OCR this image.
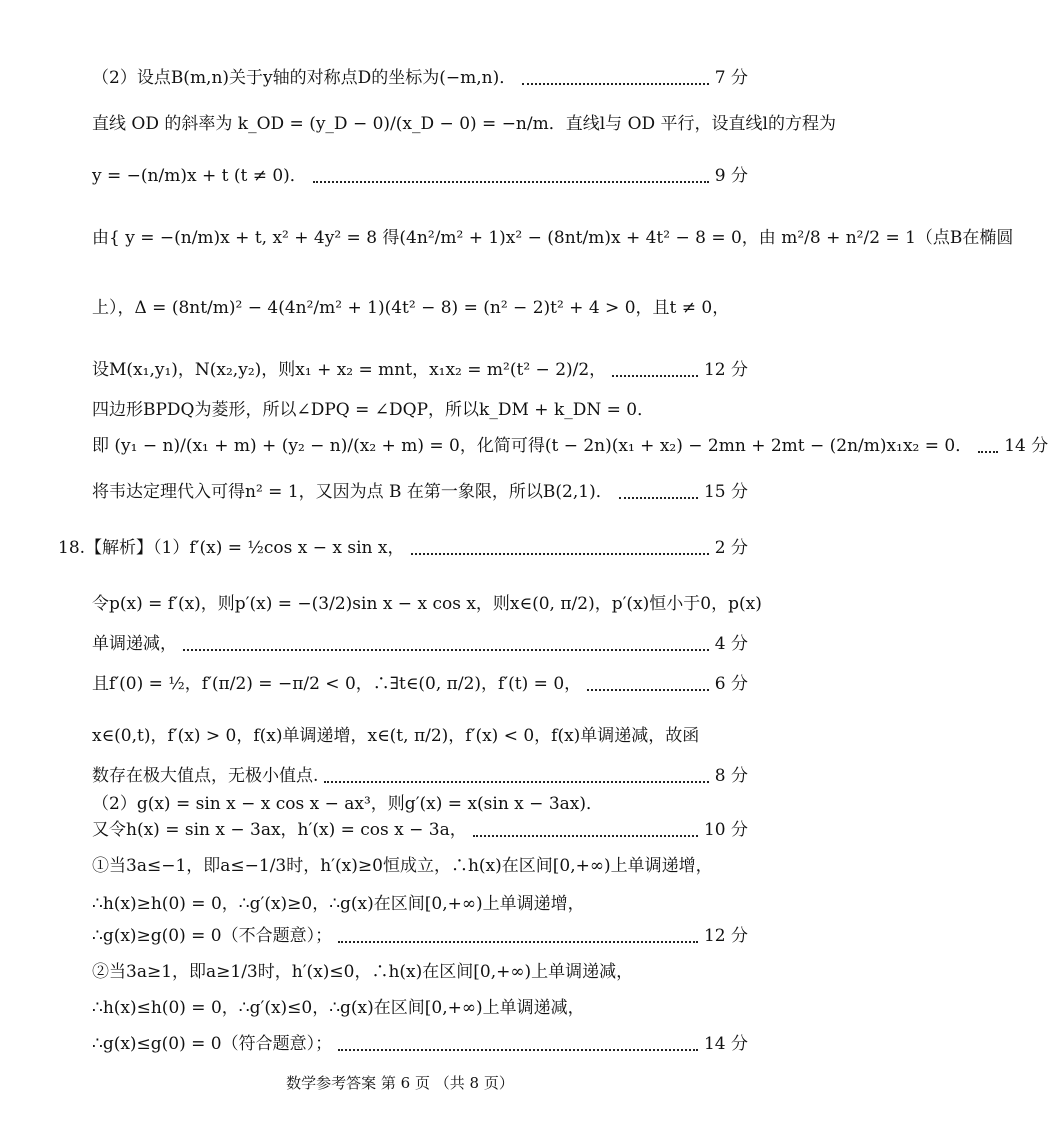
（2）设点B(m,n)关于y轴的对称点D的坐标为(−m,n)．	7 分
直线 OD 的斜率为 k_OD = (y_D − 0)/(x_D − 0) = −n/m．直线l与 OD 平行，设直线l的方程为
y = −(n/m)x + t (t ≠ 0)．	9 分
由{ y = −(n/m)x + t, x² + 4y² = 8 得(4n²/m² + 1)x² − (8nt/m)x + 4t² − 8 = 0，由 m²/8 + n²/2 = 1（点B在椭圆
上），Δ = (8nt/m)² − 4(4n²/m² + 1)(4t² − 8) = (n² − 2)t² + 4 > 0，且t ≠ 0，
设M(x₁,y₁)，N(x₂,y₂)，则x₁ + x₂ = mnt，x₁x₂ = m²(t² − 2)/2，	12 分
四边形BPDQ为菱形，所以∠DPQ = ∠DQP，所以k_DM + k_DN = 0．
即 (y₁ − n)/(x₁ + m) + (y₂ − n)/(x₂ + m) = 0，化简可得(t − 2n)(x₁ + x₂) − 2mn + 2mt − (2n/m)x₁x₂ = 0． 14 分
将韦达定理代入可得n² = 1，又因为点 B 在第一象限，所以B(2,1)．	15 分
18.【解析】（1）f′(x) = ½cos x − x sin x，	2 分
令p(x) = f′(x)，则p′(x) = −(3/2)sin x − x cos x，则x∈(0, π/2)，p′(x)恒小于0，p(x)
单调递减，	4 分
且f′(0) = ½，f′(π/2) = −π/2 < 0，∴∃t∈(0, π/2)，f′(t) = 0，	6 分
x∈(0,t)，f′(x) > 0，f(x)单调递增，x∈(t, π/2)，f′(x) < 0，f(x)单调递减，故函
数存在极大值点，无极小值点.	8 分
（2）g(x) = sin x − x cos x − ax³，则g′(x) = x(sin x − 3ax)．
又令h(x) = sin x − 3ax，h′(x) = cos x − 3a，	10 分
①当3a≤−1，即a≤−1/3时，h′(x)≥0恒成立，∴h(x)在区间[0,+∞)上单调递增，
∴h(x)≥h(0) = 0，∴g′(x)≥0，∴g(x)在区间[0,+∞)上单调递增，
∴g(x)≥g(0) = 0（不合题意）；	12 分
②当3a≥1，即a≥1/3时，h′(x)≤0，∴h(x)在区间[0,+∞)上单调递减，
∴h(x)≤h(0) = 0，∴g′(x)≤0，∴g(x)在区间[0,+∞)上单调递减，
∴g(x)≤g(0) = 0（符合题意）；	14 分
数学参考答案 第 6 页 （共 8 页）
